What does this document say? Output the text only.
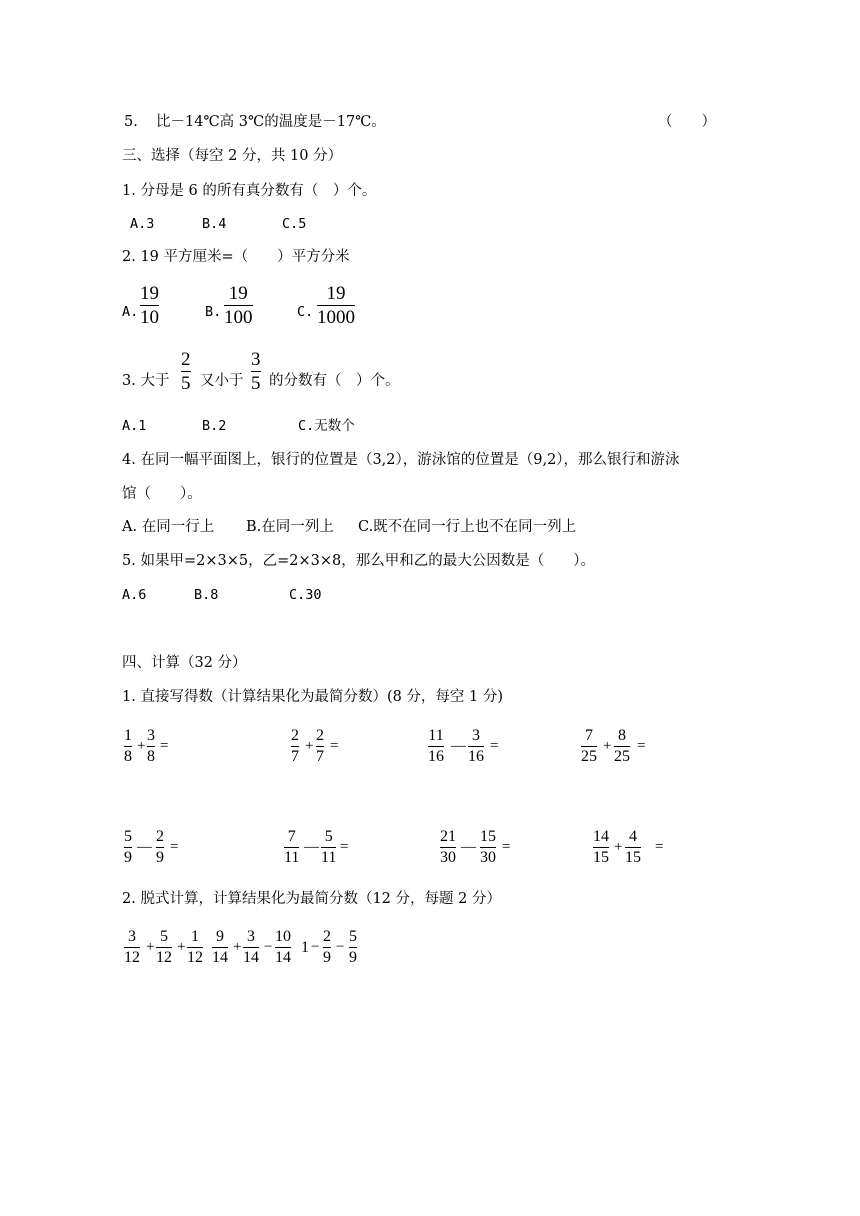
5. 比－14℃高 3℃的温度是－17℃。	（　　）
三、选择（每空 2 分，共 10 分）
1. 分母是 6 的所有真分数有（　）个。
A.3	B.4	C.5
2. 19 平方厘米=（　　）平方分米
A.
19
10	B.
19
100	C.
19
1000
3. 大于
2
5 又小于
3
5 的分数有（　）个。
A.1	B.2	C.无数个
4. 在同一幅平面图上，银行的位置是（3,2），游泳馆的位置是（9,2），那么银行和游泳
馆（　　）。
A. 在同一行上 B.在同一列上 C.既不在同一行上也不在同一列上
5. 如果甲=2×3×5，乙=2×3×8，那么甲和乙的最大公因数是（　　）。
A.6	B.8	C.30
四、计算（32 分）
1. 直接写得数（计算结果化为最简分数）(8 分，每空 1 分)
1
8
+
3
8
=
2
7
+
2
7
=
11
16
—
3
16
=
7
25
+
8
25
=
5
9
—
2
9
=
7
11
—
5
11
=
21
30
—
15
30
=
14
15
+
4
15
=
2. 脱式计算，计算结果化为最简分数（12 分，每题 2 分）
3
12
+
5
12
+
1
12
9
14
+
3
14
−
10
14
1 −
2
9
−
5
9
